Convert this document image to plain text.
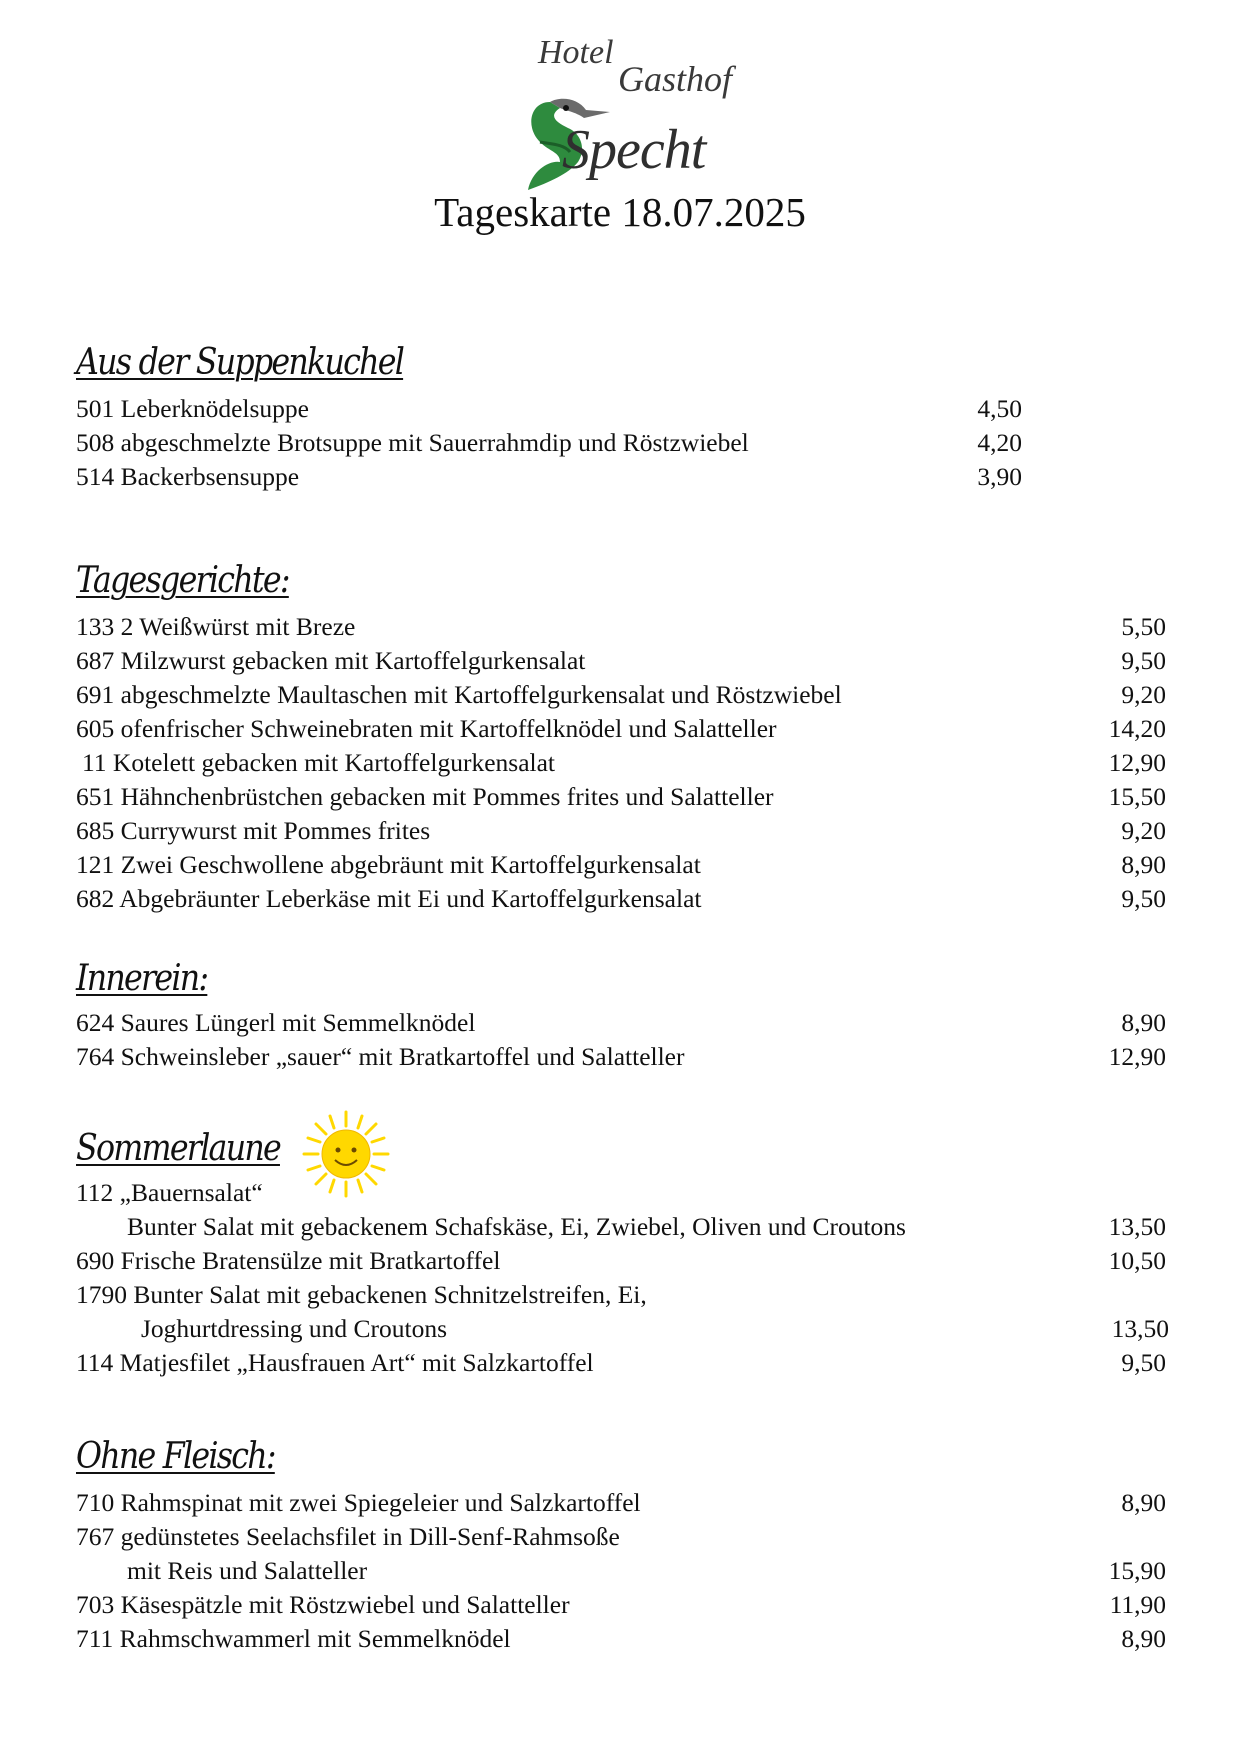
Hotel
Gasthof
Specht
Tageskarte 18.07.2025
Aus der Suppenkuchel
501 Leberknödelsuppe	4,50
508 abgeschmelzte Brotsuppe mit Sauerrahmdip und Röstzwiebel	4,20
514 Backerbsensuppe	3,90
Tagesgerichte:
133 2 Weißwürst mit Breze	5,50
687 Milzwurst gebacken mit Kartoffelgurkensalat	9,50
691 abgeschmelzte Maultaschen mit Kartoffelgurkensalat und Röstzwiebel	9,20
605 ofenfrischer Schweinebraten mit Kartoffelknödel und Salatteller	14,20
11 Kotelett gebacken mit Kartoffelgurkensalat	12,90
651 Hähnchenbrüstchen gebacken mit Pommes frites und Salatteller	15,50
685 Currywurst mit Pommes frites	9,20
121 Zwei Geschwollene abgebräunt mit Kartoffelgurkensalat	8,90
682 Abgebräunter Leberkäse mit Ei und Kartoffelgurkensalat	9,50
Innerein:
624 Saures Lüngerl mit Semmelknödel	8,90
764 Schweinsleber „sauer“ mit Bratkartoffel und Salatteller	12,90
Sommerlaune
112 „Bauernsalat“
Bunter Salat mit gebackenem Schafskäse, Ei, Zwiebel, Oliven und Croutons	13,50
690 Frische Bratensülze mit Bratkartoffel	10,50
1790 Bunter Salat mit gebackenen Schnitzelstreifen, Ei,
Joghurtdressing und Croutons	13,50
114 Matjesfilet „Hausfrauen Art“ mit Salzkartoffel	9,50
Ohne Fleisch:
710 Rahmspinat mit zwei Spiegeleier und Salzkartoffel	8,90
767 gedünstetes Seelachsfilet in Dill-Senf-Rahmsoße
mit Reis und Salatteller	15,90
703 Käsespätzle mit Röstzwiebel und Salatteller	11,90
711 Rahmschwammerl mit Semmelknödel	8,90
